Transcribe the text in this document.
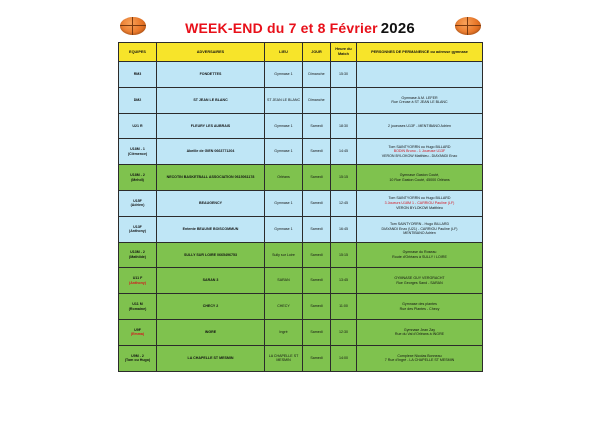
WEEK-END du 7 et 8 Février 2026
EQUIPES	ADVERSAIRES	LIEU	JOUR	Heure du Match	PERSONNES DE PERMANENCE ou adresse gymnase

RM3	FONDETTES	Gymnase 1	Dimanche	15:30	

DM2	ST JEAN LE BLANC	ST JEAN LE BLANC	Dimanche		Gymnase A.M. LEFER
Rue Creuse à ST JEAN LE BLANC

U21 R	FLEURY LES AUBRAIS	Gymnase 1	Samedi	18:30	2 joueuses U13F - MENTIBANO Adrien

U18M - 1
(Clémence)	Abeille de GIEN 0663771204	Gymnase 1	Samedi	14:45	Tom SAINTYORRN ou Hugo BILLARD
BODIN Bruno - 1 Joueuse U13F
VERON BYLOKOW Matthieu - DIAYANDI Enzo

U18M - 2
(Mehdi)	NECOTIN BASKETBALL ASSOCIATION 0615061178	Orléans	Samedi	15:15	Gymnase Gaston Couté,
10 Rue Gaston Couté, 45000 Orléans

U15F
(Adrien)	BEAUGENCY	Gymnase 1	Samedi	12:45	Tom SAINTYORRN ou Hugo BILLARD
3 Joueurs U18M 1 - CARRIOU Pauline (LF)
VERON BYLOKOW Matthieu

U13F
(Anthony)	Entente BEAUNE BOISCOMMUN	Gymnase 1	Samedi	16:45	Tom SAINTYORRN - Hugo BILLARD
DIAYANDI Enzo (U21) - CARRIOU Pauline (LF)
MENTIBANO Adrien

U13M - 2
(Mathilde)	SULLY SUR LOIRE 0665496753	Sully sur Loire	Samedi	15:15	Gymnase du Roseau
Route d'Orléans à SULLY / LOIRE

U11 F
(Anthony)	SARAN 3	SARAN	Samedi	13:45	GYMNASE GUY VERGRACHT
Rue Georges Sand - SARAN

U11 M
(Romaine)	CHECY 2	CHECY	Samedi	11:00	Gymnase des plantes
Rue des Plantes - Checy

U9F
(Emma)	INGRE	Ingré	Samedi	12:30	Gymnase Jean Zay
Rue du Val d'Orléans à INGRE

U9M - 2
(Tom ou Hugo)	LA CHAPELLE ST MESMIN	LA CHAPELLE ST MESMIN	Samedi	14:00	Complexe Nicolas Bonneau
7 Rue d'Ingré - LA CHAPELLE ST MESMIN
